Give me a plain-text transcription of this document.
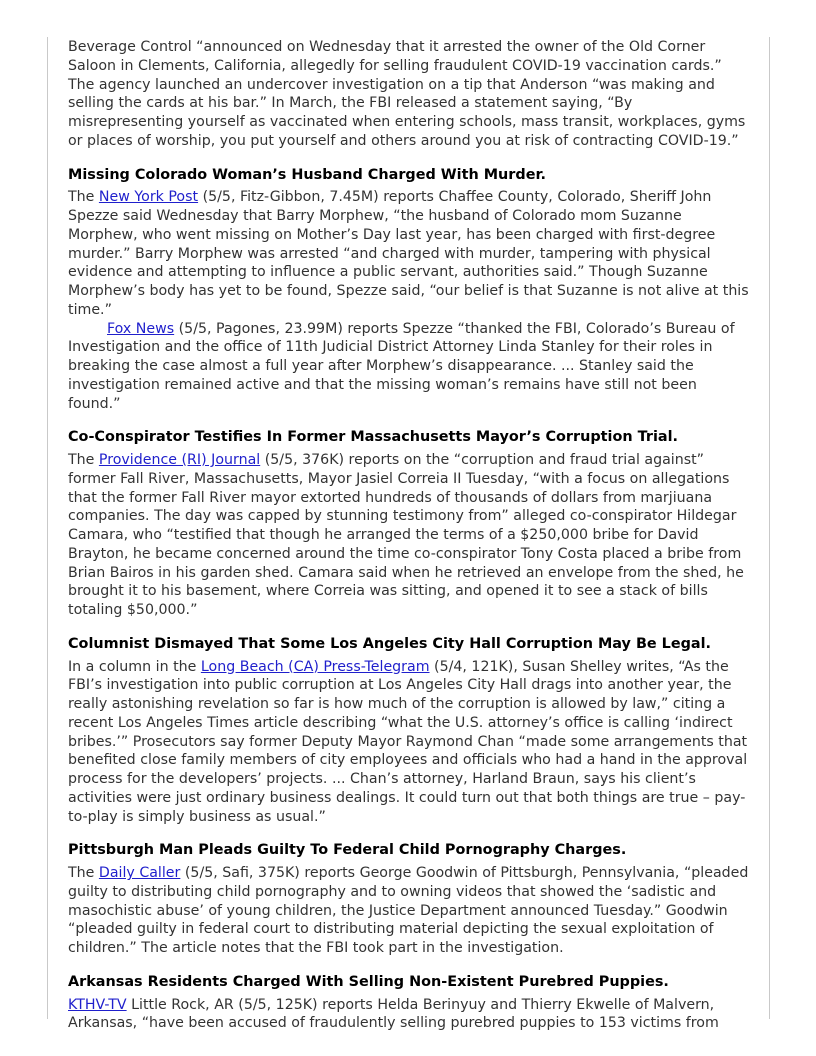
Beverage Control “announced on Wednesday that it arrested the owner of the Old Corner Saloon in Clements, California, allegedly for selling fraudulent COVID-19 vaccination cards.” The agency launched an undercover investigation on a tip that Anderson “was making and selling the cards at his bar.” In March, the FBI released a statement saying, “By misrepresenting yourself as vaccinated when entering schools, mass transit, workplaces, gyms or places of worship, you put yourself and others around you at risk of contracting COVID-19.”

Missing Colorado Woman’s Husband Charged With Murder.

The New York Post (5/5, Fitz-Gibbon, 7.45M) reports Chaffee County, Colorado, Sheriff John Spezze said Wednesday that Barry Morphew, “the husband of Colorado mom Suzanne Morphew, who went missing on Mother’s Day last year, has been charged with first-degree murder.” Barry Morphew was arrested “and charged with murder, tampering with physical evidence and attempting to influence a public servant, authorities said.” Though Suzanne Morphew’s body has yet to be found, Spezze said, “our belief is that Suzanne is not alive at this time.”

Fox News (5/5, Pagones, 23.99M) reports Spezze “thanked the FBI, Colorado’s Bureau of Investigation and the office of 11th Judicial District Attorney Linda Stanley for their roles in breaking the case almost a full year after Morphew’s disappearance. ... Stanley said the investigation remained active and that the missing woman’s remains have still not been found.”

Co-Conspirator Testifies In Former Massachusetts Mayor’s Corruption Trial.

The Providence (RI) Journal (5/5, 376K) reports on the “corruption and fraud trial against” former Fall River, Massachusetts, Mayor Jasiel Correia II Tuesday, “with a focus on allegations that the former Fall River mayor extorted hundreds of thousands of dollars from marjiuana companies. The day was capped by stunning testimony from” alleged co-conspirator Hildegar Camara, who “testified that though he arranged the terms of a $250,000 bribe for David Brayton, he became concerned around the time co-conspirator Tony Costa placed a bribe from Brian Bairos in his garden shed. Camara said when he retrieved an envelope from the shed, he brought it to his basement, where Correia was sitting, and opened it to see a stack of bills totaling $50,000.”

Columnist Dismayed That Some Los Angeles City Hall Corruption May Be Legal.

In a column in the Long Beach (CA) Press-Telegram (5/4, 121K), Susan Shelley writes, “As the FBI’s investigation into public corruption at Los Angeles City Hall drags into another year, the really astonishing revelation so far is how much of the corruption is allowed by law,” citing a recent Los Angeles Times article describing “what the U.S. attorney’s office is calling ‘indirect bribes.’” Prosecutors say former Deputy Mayor Raymond Chan “made some arrangements that benefited close family members of city employees and officials who had a hand in the approval process for the developers’ projects. ... Chan’s attorney, Harland Braun, says his client’s activities were just ordinary business dealings. It could turn out that both things are true – pay-to-play is simply business as usual.”

Pittsburgh Man Pleads Guilty To Federal Child Pornography Charges.

The Daily Caller (5/5, Safi, 375K) reports George Goodwin of Pittsburgh, Pennsylvania, “pleaded guilty to distributing child pornography and to owning videos that showed the ‘sadistic and masochistic abuse’ of young children, the Justice Department announced Tuesday.” Goodwin “pleaded guilty in federal court to distributing material depicting the sexual exploitation of children.” The article notes that the FBI took part in the investigation.

Arkansas Residents Charged With Selling Non-Existent Purebred Puppies.

KTHV-TV Little Rock, AR (5/5, 125K) reports Helda Berinyuy and Thierry Ekwelle of Malvern, Arkansas, “have been accused of fraudulently selling purebred puppies to 153 victims from
